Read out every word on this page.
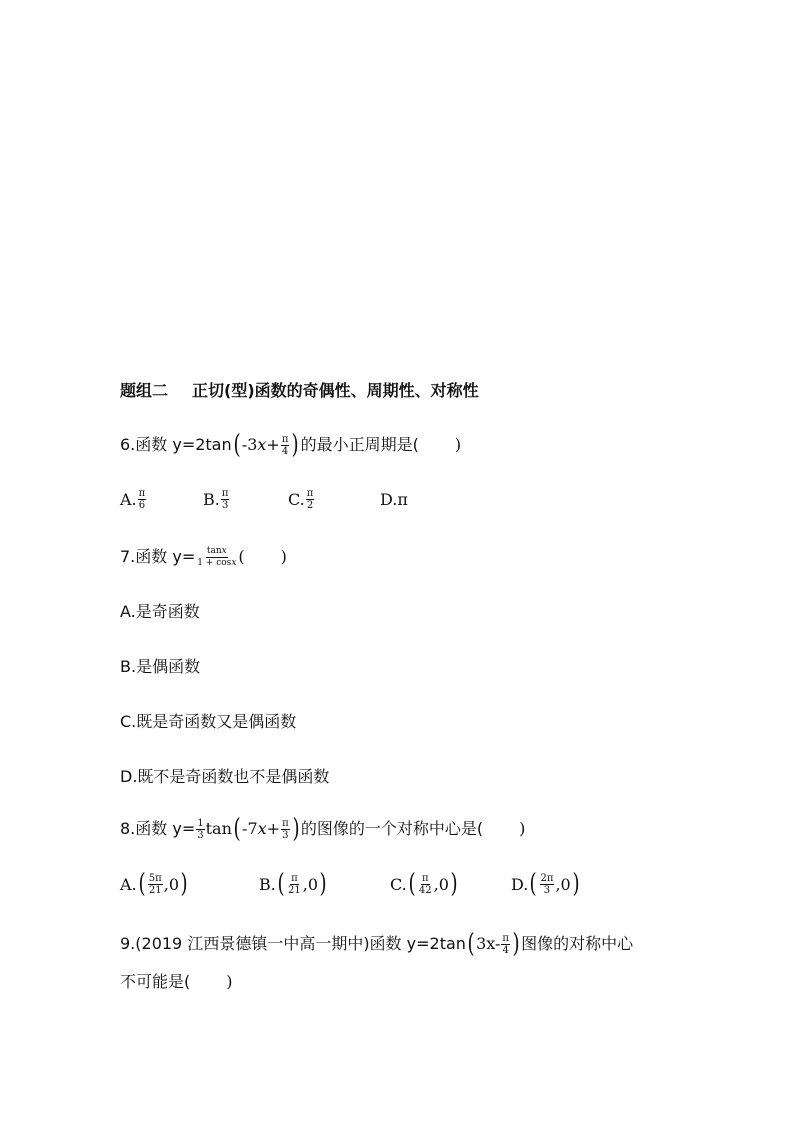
题组二 正切(型)函数的奇偶性、周期性、对称性
6.函数 y=2tan ( -3 $x + \frac{\pi}{4}$ ) 的最小正周期是( )
A. $\frac{\pi}{6}$	B. $\frac{\pi}{3}$	C. $\frac{\pi}{2}$	D.π
7.函数 $y= \frac{\tan x}{1 + \cos x}$ ( )
A.是奇函数
B.是偶函数
C.既是奇函数又是偶函数
D.既不是奇函数也不是偶函数
8.函数 $y= \frac{1}{3}$ tan ( -7 $x + \frac{\pi}{3}$ ) 的图像的一个对称中心是( )
A. ( $\frac{5\pi}{21} ,0$ )	B. ( $\frac{\pi}{21} ,0$ )	C. ( $\frac{\pi}{42} ,0$ )	D. ( $\frac{2\pi}{3} ,0$ )
9.(2019 江西景德镇一中高一期中)函数 y=2tan ( $3x- \frac{\pi}{4}$ ) 图像的对称中心
不可能是( )
